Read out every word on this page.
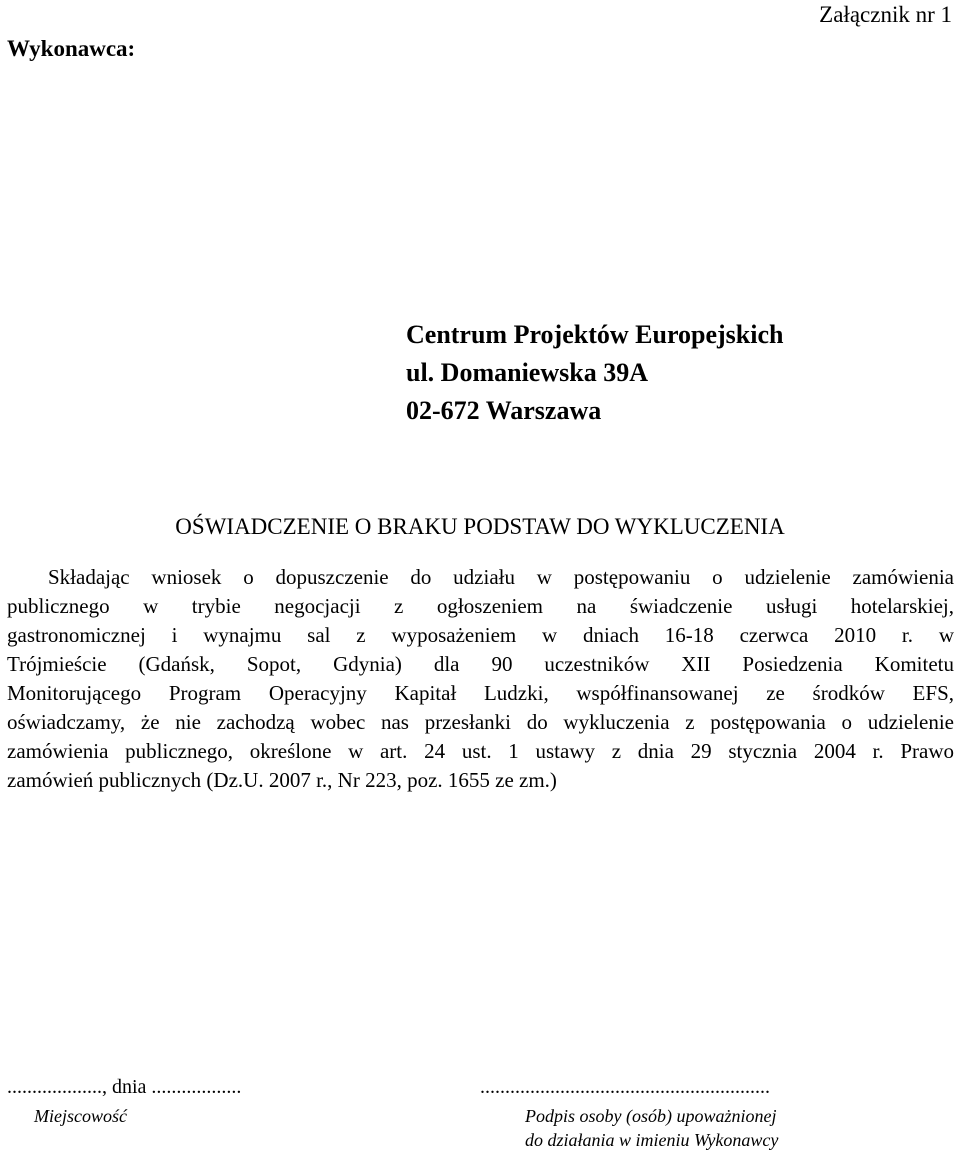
Załącznik nr 1
Wykonawca:
Centrum Projektów Europejskich
ul. Domaniewska 39A
02-672 Warszawa
OŚWIADCZENIE O BRAKU PODSTAW DO WYKLUCZENIA
Składając wniosek o dopuszczenie do udziału w postępowaniu o udzielenie zamówienia
publicznego w trybie negocjacji z ogłoszeniem na świadczenie usługi hotelarskiej,
gastronomicznej i wynajmu sal z wyposażeniem w dniach 16-18 czerwca 2010 r. w
Trójmieście (Gdańsk, Sopot, Gdynia) dla 90 uczestników XII Posiedzenia Komitetu
Monitorującego Program Operacyjny Kapitał Ludzki, współfinansowanej ze środków EFS,
oświadczamy, że nie zachodzą wobec nas przesłanki do wykluczenia z postępowania o udzielenie
zamówienia publicznego, określone w art. 24 ust. 1 ustawy z dnia 29 stycznia 2004 r. Prawo
zamówień publicznych (Dz.U. 2007 r., Nr 223, poz. 1655 ze zm.)
..................., dnia ..................	..........................................................
Miejscowość	Podpis osoby (osób) upoważnionej
do działania w imieniu Wykonawcy
